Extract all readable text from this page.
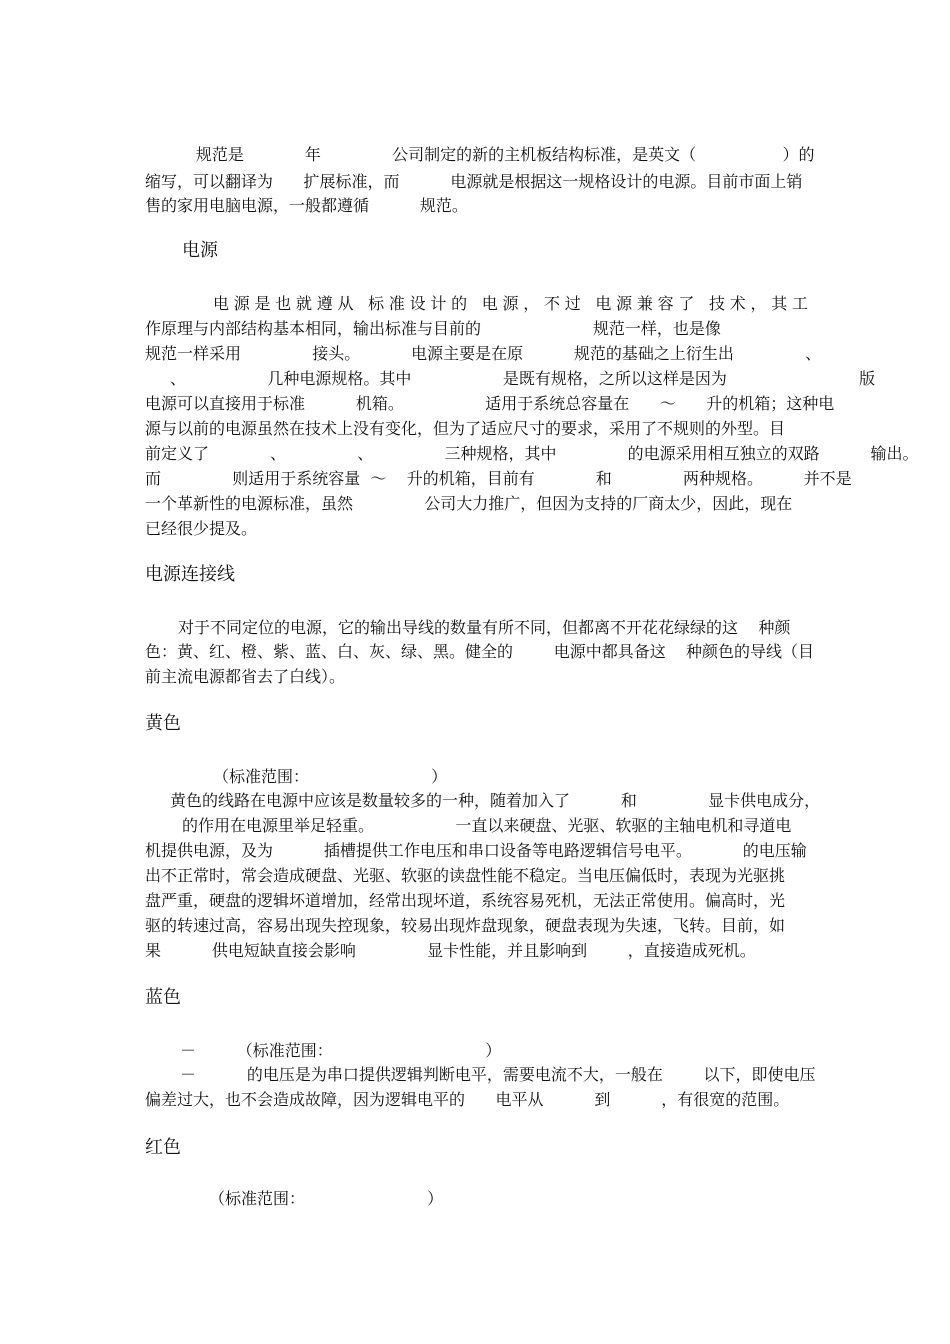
规范是            年              公司制定的新的主机板结构标准，是英文（                 ）的

缩写，可以翻译为      扩展标准，而          电源就是根据这一规格设计的电源。目前市面上销

售的家用电脑电源，一般都遵循          规范。

电源

电源是也就遵从 标准设计的 电源，不过 电源兼容了 技术，其工

作原理与内部结构基本相同，输出标准与目前的                      规范一样，也是像

规范一样采用              接头。          电源主要是在原          规范的基础之上衍生出              、

、                几种电源规格。其中                  是既有规格，之所以这样是因为                          版

电源可以直接用于标准          机箱。                适用于系统总容量在      ～      升的机箱；这种电

源与以前的电源虽然在技术上没有变化，但为了适应尺寸的要求，采用了不规则的外型。目

前定义了            、              、              三种规格，其中              的电源采用相互独立的双路          输出。

而              则适用于系统容量  ～    升的机箱，目前有            和              两种规格。        并不是

一个革新性的电源标准，虽然              公司大力推广，但因为支持的厂商太少，因此，现在

已经很少提及。

电源连接线

对于不同定位的电源，它的输出导线的数量有所不同，但都离不开花花绿绿的这    种颜

色：黄、红、橙、紫、蓝、白、灰、绿、黑。健全的        电源中都具备这    种颜色的导线（目

前主流电源都省去了白线）。

黄色

（标准范围：                        ）

黄色的线路在电源中应该是数量较多的一种，随着加入了          和              显卡供电成分，

的作用在电源里举足轻重。                一直以来硬盘、光驱、软驱的主轴电机和寻道电

机提供电源，及为          插槽提供工作电压和串口设备等电路逻辑信号电平。          的电压输

出不正常时，常会造成硬盘、光驱、软驱的读盘性能不稳定。当电压偏低时，表现为光驱挑

盘严重，硬盘的逻辑坏道增加，经常出现坏道，系统容易死机，无法正常使用。偏高时，光

驱的转速过高，容易出现失控现象，较易出现炸盘现象，硬盘表现为失速，飞转。目前，如

果          供电短缺直接会影响              显卡性能，并且影响到        ，直接造成死机。

蓝色

－        （标准范围：                              ）

－          的电压是为串口提供逻辑判断电平，需要电流不大，一般在        以下，即使电压

偏差过大，也不会造成故障，因为逻辑电平的      电平从          到          ，有很宽的范围。

红色

（标准范围：                        ）
